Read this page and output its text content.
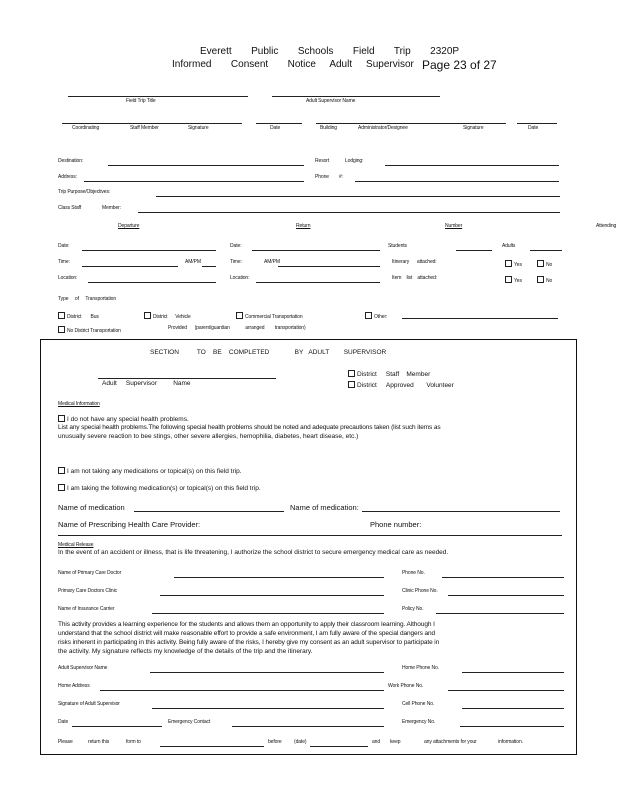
Everett Public Schools Field Trip 2320P
Informed Consent Notice Adult Supervisor Page 23 of 27
Field Trip Title	Adult Supervisor Name
Coordinating	Staff Member	Signature	Date	Building	Administrator/Designee	Signature	Date
Destination:	Resort	Lodging:
Address:	Phone #:
Trip Purpose/Objectives:
Class Staff	Member:
Departure	Return	Number	Attending
Date:	Date:	Students	Adults
Time:	AM/PM	Time:	AM/PM	Itinerary attached:	Yes	No
Location:	Location:	Item list attached:	Yes	No
Type of Transportation
District Bus	District Vehicle	Commercial Transportation	Other:
No District Transportation	Provided (parent/guardian	arranged transportation)
SECTION	TO BE COMPLETED	BY ADULT SUPERVISOR
Adult Supervisor	Name
District Staff Member
District Approved Volunteer
Medical Information
I do not have any special health problems.
List any special health problems.The following special health problems should be noted and adequate precautions taken (list such items as
unusually severe reaction to bee stings, other severe allergies, hemophilia, diabetes, heart disease, etc.)
I am not taking any medications or topical(s) on this field trip.
I am taking the following medication(s) or topical(s) on this field trip.
Name of medication	Name of medication:
Name of Prescribing Health Care Provider:	Phone number:
Medical Release
In the event of an accident or illness, that is life threatening, I authorize the school district to secure emergency medical care as needed.
Name of Primary Care Doctor	Phone No.
Primary Care Doctors Clinic	Clinic Phone No.
Name of Insurance Carrier	Policy No.
This activity provides a learning experience for the students and allows them an opportunity to apply their classroom learning. Although I
understand that the school district will make reasonable effort to provide a safe environment, I am fully aware of the special dangers and
risks inherent in participating in this activity. Being fully aware of the risks, I hereby give my consent as an adult supervisor to participate in
the activity. My signature reflects my knowledge of the details of the trip and the itinerary.
Adult Supervisor Name	Home Phone No.
Home Address	Work Phone No.
Signature of Adult Supervisor	Cell Phone No.
Date	Emergency Contact	Emergency No.
Please	return this	form to	before (date)	and keep	any attachments for your	information.
